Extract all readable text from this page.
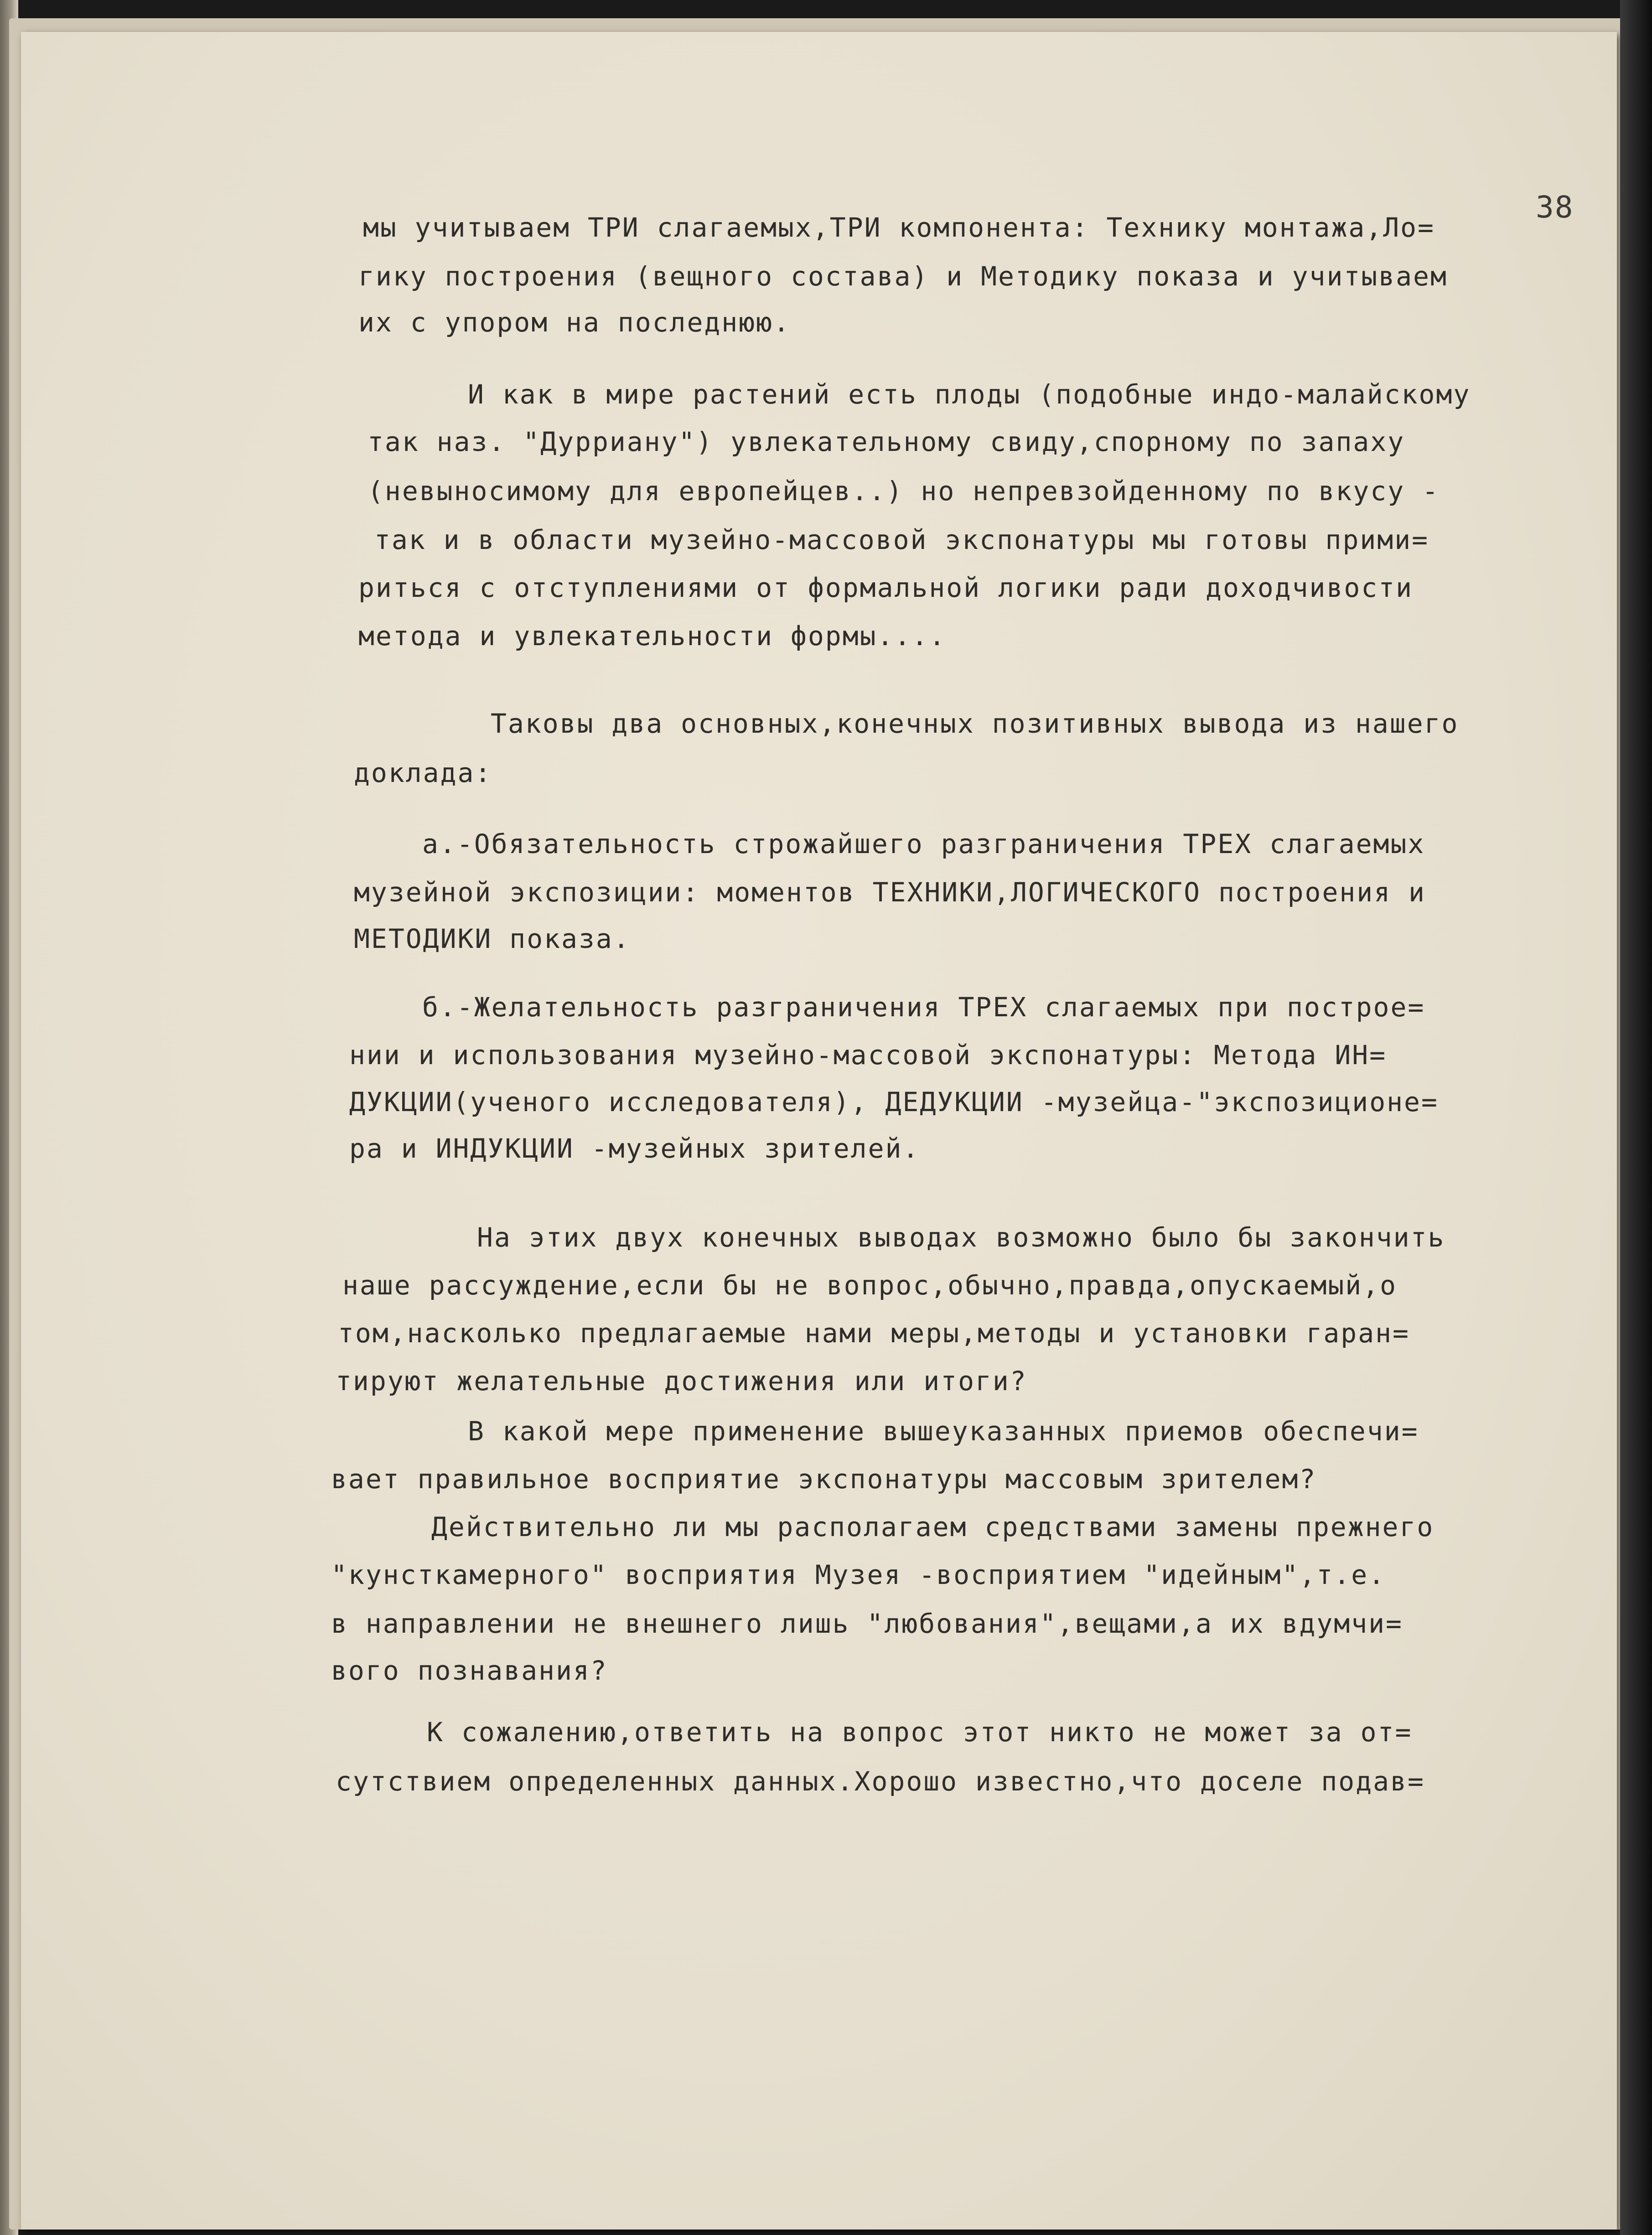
38
мы учитываем ТРИ слагаемых,ТРИ компонента: Технику монтажа,Ло=
гику построения (вещного состава) и Методику показа и учитываем
их с упором на последнюю.
И как в мире растений есть плоды (подобные индо-малайскому
так наз. "Дурриану") увлекательному свиду,спорному по запаху
(невыносимому для европейцев..) но непревзойденному по вкусу -
так и в области музейно-массовой экспонатуры мы готовы прими=
риться с отступлениями от формальной логики ради доходчивости
метода и увлекательности формы....
Таковы два основных,конечных позитивных вывода из нашего
доклада:
а.-Обязательность строжайшего разграничения ТРЕХ слагаемых
музейной экспозиции: моментов ТЕХНИКИ,ЛОГИЧЕСКОГО построения и
МЕТОДИКИ показа.
б.-Желательность разграничения ТРЕХ слагаемых при построе=
нии и использования музейно-массовой экспонатуры: Метода ИН=
ДУКЦИИ(ученого исследователя), ДЕДУКЦИИ -музейца-"экспозиционе=
ра и ИНДУКЦИИ -музейных зрителей.
На этих двух конечных выводах возможно было бы закончить
наше рассуждение,если бы не вопрос,обычно,правда,опускаемый,о
том,насколько предлагаемые нами меры,методы и установки гаран=
тируют желательные достижения или итоги?
В какой мере применение вышеуказанных приемов обеспечи=
вает правильное восприятие экспонатуры массовым зрителем?
Действительно ли мы располагаем средствами замены прежнего
"кунсткамерного" восприятия Музея -восприятием "идейным",т.е.
в направлении не внешнего лишь "любования",вещами,а их вдумчи=
вого познавания?
К сожалению,ответить на вопрос этот никто не может за от=
сутствием определенных данных.Хорошо известно,что доселе подав=
